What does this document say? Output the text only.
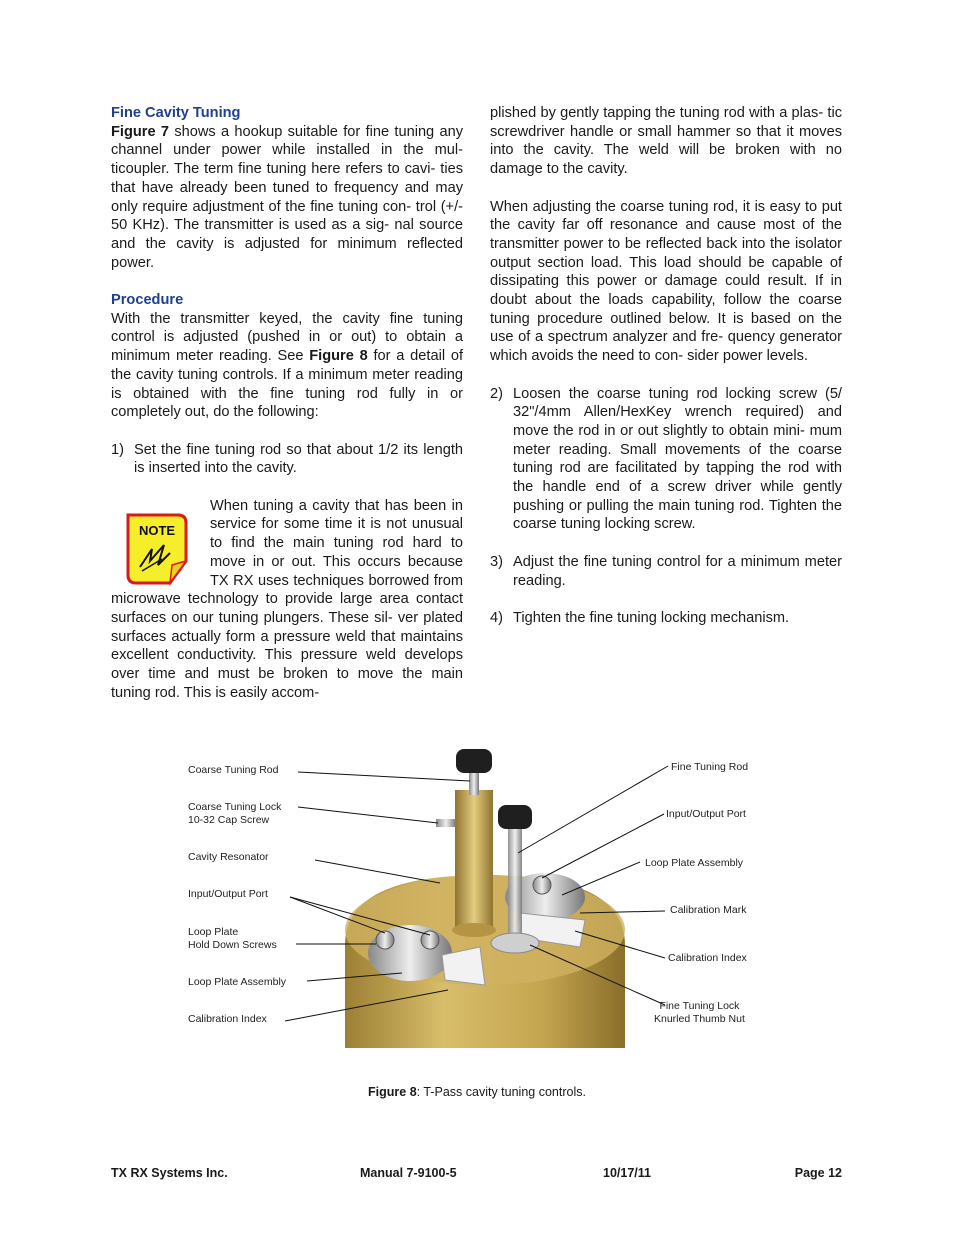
Fine Cavity Tuning

Figure 7 shows a hookup suitable for fine tuning any channel under power while installed in the mul- ticoupler. The term fine tuning here refers to cavi- ties that have already been tuned to frequency and may only require adjustment of the fine tuning con- trol (+/- 50 KHz). The transmitter is used as a sig- nal source and the cavity is adjusted for minimum reflected power.

Procedure

With the transmitter keyed, the cavity fine tuning control is adjusted (pushed in or out) to obtain a minimum meter reading. See Figure 8 for a detail of the cavity tuning controls. If a minimum meter reading is obtained with the fine tuning rod fully in or completely out, do the following:

1) Set the fine tuning rod so that about 1/2 its length is inserted into the cavity.
NOTE

When tuning a cavity that has been in service for some time it is not unusual to find the main tuning rod hard to move in or out. This occurs because TX RX uses techniques borrowed from microwave technology to provide large area contact surfaces on our tuning plungers. These sil- ver plated surfaces actually form a pressure weld that maintains excellent conductivity. This pressure weld develops over time and must be broken to move the main tuning rod. This is easily accom-

plished by gently tapping the tuning rod with a plas- tic screwdriver handle or small hammer so that it moves into the cavity. The weld will be broken with no damage to the cavity.

When adjusting the coarse tuning rod, it is easy to put the cavity far off resonance and cause most of the transmitter power to be reflected back into the isolator output section load. This load should be capable of dissipating this power or damage could result. If in doubt about the loads capability, follow the coarse tuning procedure outlined below. It is based on the use of a spectrum analyzer and fre- quency generator which avoids the need to con- sider power levels.

2) Loosen the coarse tuning rod locking screw (5/ 32"/4mm Allen/HexKey wrench required) and move the rod in or out slightly to obtain mini- mum meter reading. Small movements of the coarse tuning rod are facilitated by tapping the rod with the handle end of a screw driver while gently pushing or pulling the main tuning rod. Tighten the coarse tuning locking screw.
3) Adjust the fine tuning control for a minimum meter reading.
4) Tighten the fine tuning locking mechanism.
Coarse Tuning Rod
Coarse Tuning Lock
10-32 Cap Screw
Cavity Resonator
Input/Output Port
Loop Plate
Hold Down Screws
Loop Plate Assembly
Calibration Index
Fine Tuning Rod
Input/Output Port
Loop Plate Assembly
Calibration Mark
Calibration Index
Fine Tuning Lock
Knurled Thumb Nut
Figure 8: T-Pass cavity tuning controls.
TX RX Systems Inc.	Manual 7-9100-5	10/17/11	Page 12
